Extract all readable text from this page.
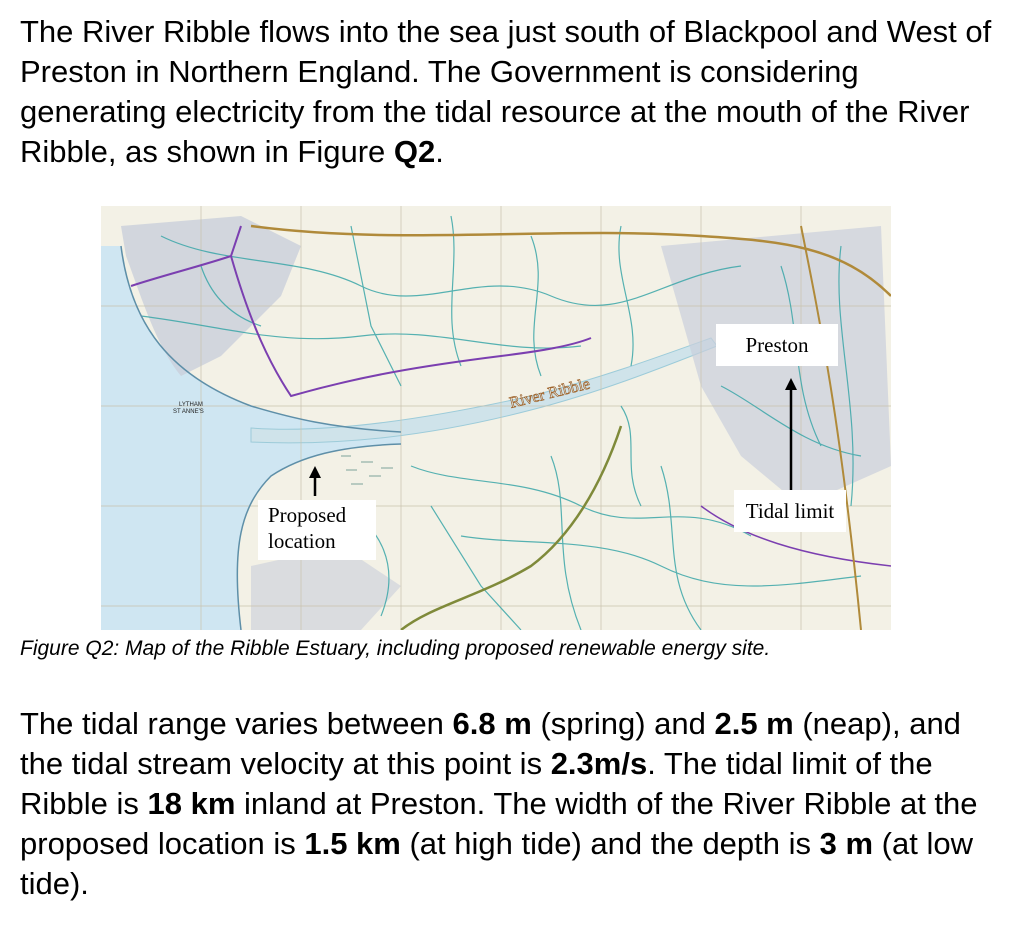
The River Ribble flows into the sea just south of Blackpool and West of Preston in Northern England. The Government is considering generating electricity from the tidal resource at the mouth of the River Ribble, as shown in Figure Q2.

LYTHAM
ST ANNE'S
River Ribble
Preston
Tidal limit
Proposed
location

Figure Q2: Map of the Ribble Estuary, including proposed renewable energy site.

The tidal range varies between 6.8 m (spring) and 2.5 m (neap), and the tidal stream velocity at this point is 2.3m/s. The tidal limit of the Ribble is 18 km inland at Preston. The width of the River Ribble at the proposed location is 1.5 km (at high tide) and the depth is 3 m (at low tide).
